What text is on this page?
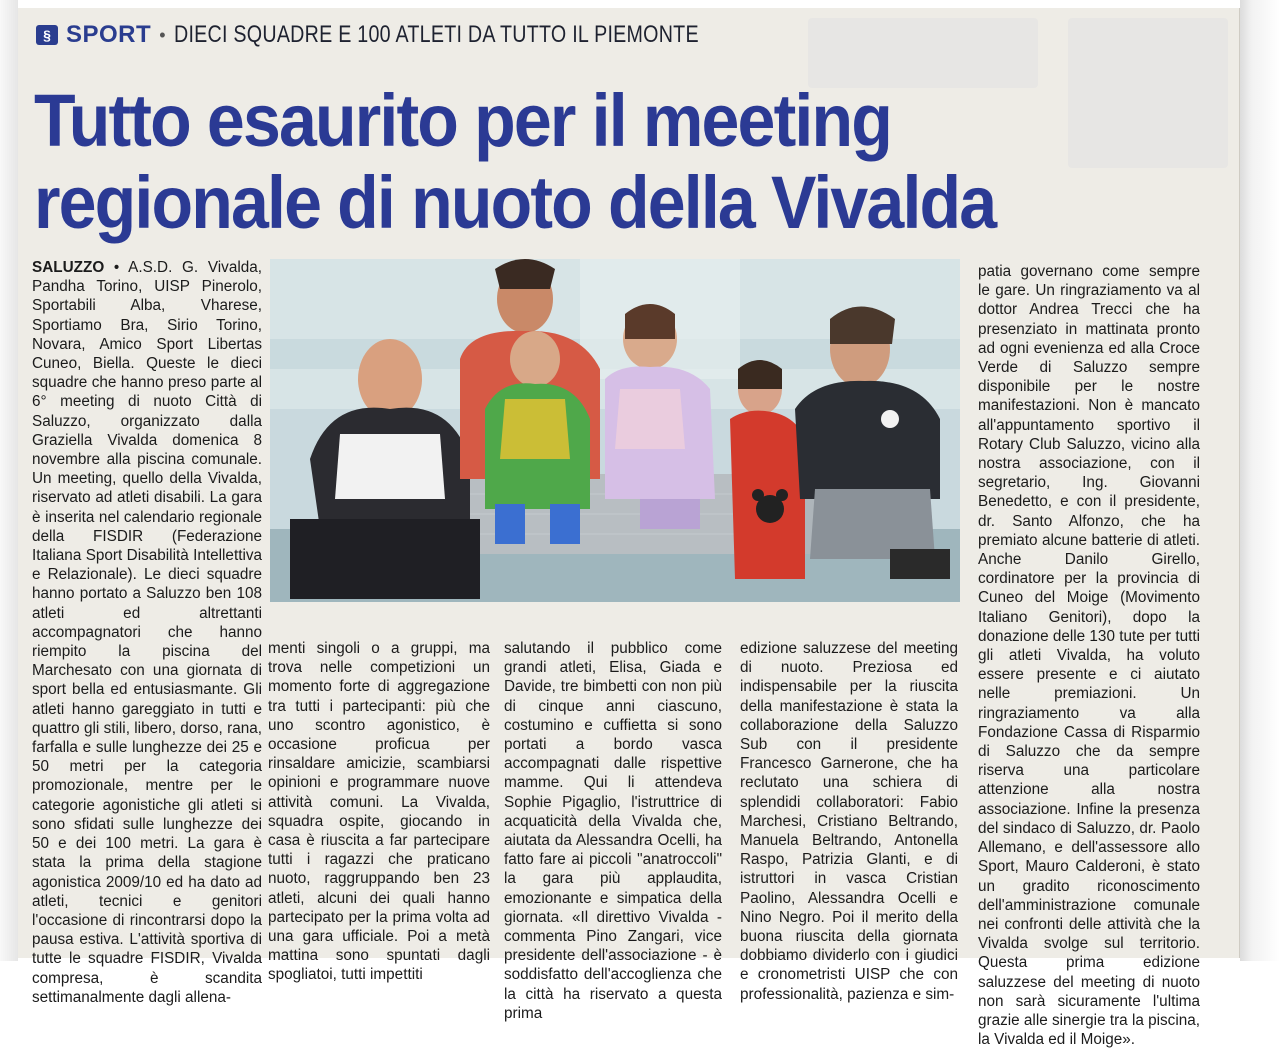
§ SPORT • DIECI SQUADRE E 100 ATLETI DA TUTTO IL PIEMONTE
Tutto esaurito per il meeting
regionale di nuoto della Vivalda

SALUZZO • A.S.D. G. Vivalda, Pandha Torino, UISP Pinerolo, Sportabili Alba, Vharese, Sportiamo Bra, Sirio Torino, Novara, Amico Sport Libertas Cuneo, Biella. Queste le dieci squadre che hanno preso parte al 6° meeting di nuoto Città di Saluzzo, organizzato dalla Graziella Vivalda domenica 8 novembre alla piscina comunale. Un meeting, quello della Vivalda, riservato ad atleti disabili. La gara è inserita nel calendario regionale della FISDIR (Federazione Italiana Sport Disabilità Intellettiva e Relazionale). Le dieci squadre hanno portato a Saluzzo ben 108 atleti ed altrettanti accompagnatori che hanno riempito la piscina del Marchesato con una giornata di sport bella ed entusiasmante. Gli atleti hanno gareggiato in tutti e quattro gli stili, libero, dorso, rana, farfalla e sulle lunghezze dei 25 e 50 metri per la categoria promozionale, mentre per le categorie agonistiche gli atleti si sono sfidati sulle lunghezze dei 50 e dei 100 metri. La gara è stata la prima della stagione agonistica 2009/10 ed ha dato ad atleti, tecnici e genitori l'occasione di rincontrarsi dopo la pausa estiva. L'attività sportiva di tutte le squadre FISDIR, Vivalda compresa, è scandita settimanalmente dagli allena-

menti singoli o a gruppi, ma trova nelle competizioni un momento forte di aggregazione tra tutti i partecipanti: più che uno scontro agonistico, è occasione proficua per rinsaldare amicizie, scambiarsi opinioni e programmare nuove attività comuni. La Vivalda, squadra ospite, giocando in casa è riuscita a far partecipare tutti i ragazzi che praticano nuoto, raggruppando ben 23 atleti, alcuni dei quali hanno partecipato per la prima volta ad una gara ufficiale. Poi a metà mattina sono spuntati dagli spogliatoi, tutti impettiti

salutando il pubblico come grandi atleti, Elisa, Giada e Davide, tre bimbetti con non più di cinque anni ciascuno, costumino e cuffietta si sono portati a bordo vasca accompagnati dalle rispettive mamme. Qui li attendeva Sophie Pigaglio, l'istruttrice di acquaticità della Vivalda che, aiutata da Alessandra Ocelli, ha fatto fare ai piccoli "anatroccoli" la gara più applaudita, emozionante e simpatica della giornata. «Il direttivo Vivalda - commenta Pino Zangari, vice presidente dell'associazione - è soddisfatto dell'accoglienza che la città ha riservato a questa prima

edizione saluzzese del meeting di nuoto. Preziosa ed indispensabile per la riuscita della manifestazione è stata la collaborazione della Saluzzo Sub con il presidente Francesco Garnerone, che ha reclutato una schiera di splendidi collaboratori: Fabio Marchesi, Cristiano Beltrando, Manuela Beltrando, Antonella Raspo, Patrizia Glanti, e di istruttori in vasca Cristian Paolino, Alessandra Ocelli e Nino Negro. Poi il merito della buona riuscita della giornata dobbiamo dividerlo con i giudici e cronometristi UISP che con professionalità, pazienza e sim-

patia governano come sempre le gare. Un ringraziamento va al dottor Andrea Trecci che ha presenziato in mattinata pronto ad ogni evenienza ed alla Croce Verde di Saluzzo sempre disponibile per le nostre manifestazioni. Non è mancato all'appuntamento sportivo il Rotary Club Saluzzo, vicino alla nostra associazione, con il segretario, Ing. Giovanni Benedetto, e con il presidente, dr. Santo Alfonzo, che ha premiato alcune batterie di atleti. Anche Danilo Girello, cordinatore per la provincia di Cuneo del Moige (Movimento Italiano Genitori), dopo la donazione delle 130 tute per tutti gli atleti Vivalda, ha voluto essere presente e ci aiutato nelle premiazioni. Un ringraziamento va alla Fondazione Cassa di Risparmio di Saluzzo che da sempre riserva una particolare attenzione alla nostra associazione. Infine la presenza del sindaco di Saluzzo, dr. Paolo Allemano, e dell'assessore allo Sport, Mauro Calderoni, è stato un gradito riconoscimento dell'amministrazione comunale nei confronti delle attività che la Vivalda svolge sul territorio. Questa prima edizione saluzzese del meeting di nuoto non sarà sicuramente l'ultima grazie alle sinergie tra la piscina, la Vivalda ed il Moige».
